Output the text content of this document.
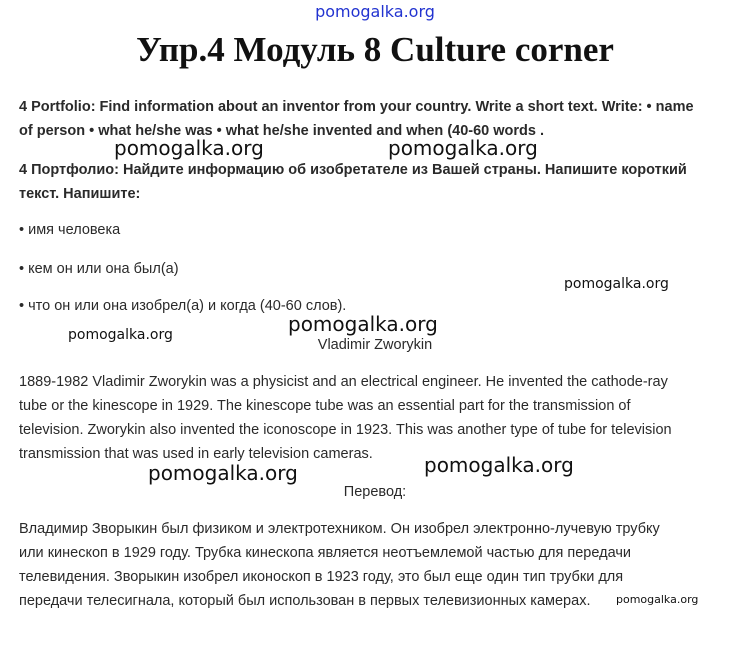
pomogalka.org
Упр.4 Модуль 8 Culture corner
4 Portfolio: Find information about an inventor from your country. Write a short text. Write: • name
of person • what he/she was • what he/she invented and when (40-60 words .
pomogalka.org	pomogalka.org
4 Портфолио: Найдите информацию об изобретателе из Вашей страны. Напишите короткий
текст. Напишите:
• имя человека
• кем он или она был(а)
pomogalka.org
• что он или она изобрел(а) и когда (40-60 слов).
pomogalka.org
pomogalka.org
Vladimir Zworykin
1889-1982 Vladimir Zworykin was a physicist and an electrical engineer. He invented the cathode-ray
tube or the kinescope in 1929. The kinescope tube was an essential part for the transmission of
television. Zworykin also invented the iconoscope in 1923. This was another type of tube for television
transmission that was used in early television cameras.	pomogalka.org
pomogalka.org
Перевод:
Владимир Зворыкин был физиком и электротехником. Он изобрел электронно-лучевую трубку
или кинескоп в 1929 году. Трубка кинескопа является неотъемлемой частью для передачи
телевидения. Зворыкин изобрел иконоскоп в 1923 году, это был еще один тип трубки для
передачи телесигнала, который был использован в первых телевизионных камерах. pomogalka.org
